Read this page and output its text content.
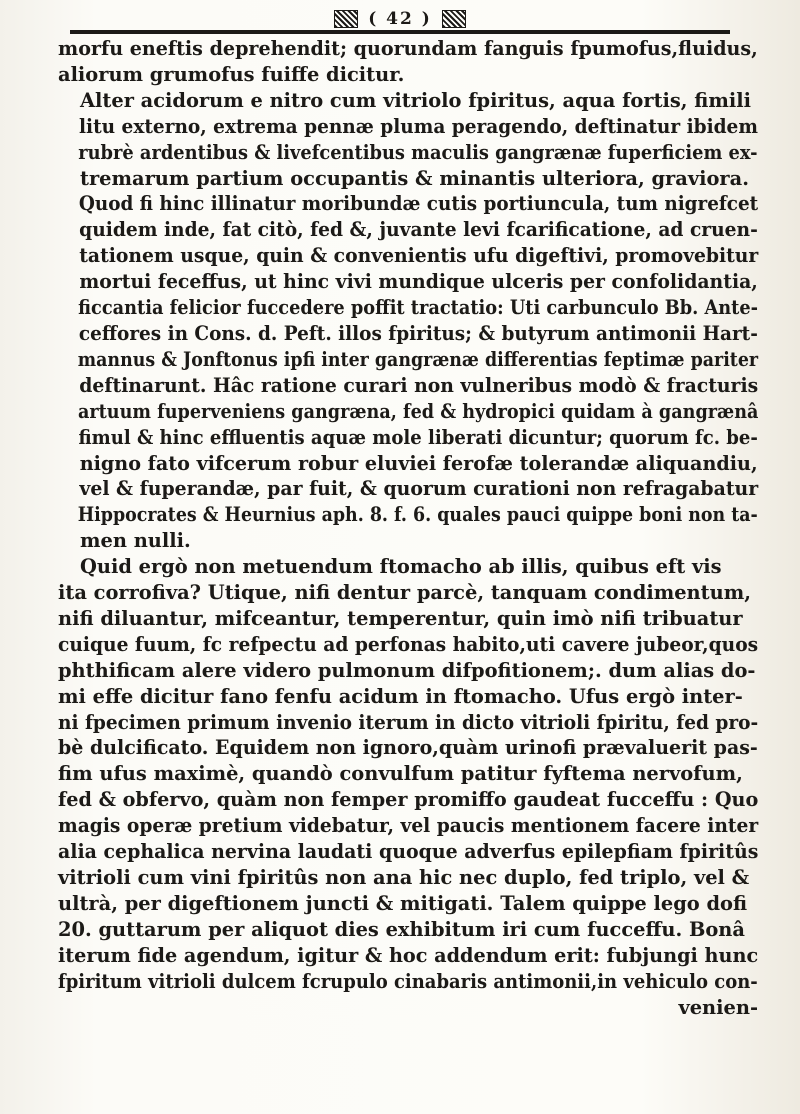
( 42 )

morfu eneftis deprehendit; quorundam fanguis fpumofus,fluidus,
aliorum grumofus fuiffe dicitur.

Alter acidorum e nitro cum vitriolo fpiritus, aqua fortis, fimili
litu externo, extrema pennæ pluma peragendo, deftinatur ibidem
rubrè ardentibus & livefcentibus maculis gangrænæ fuperficiem ex-
tremarum partium occupantis & minantis ulteriora, graviora.
Quod fi hinc illinatur moribundæ cutis portiuncula, tum nigrefcet
quidem inde, fat citò, fed &, juvante levi fcarificatione, ad cruen-
tationem usque, quin & convenientis ufu digeftivi, promovebitur
mortui feceffus, ut hinc vivi mundique ulceris per confolidantia,
ficcantia felicior fuccedere poffit tractatio: Uti carbunculo Bb. Ante-
ceffores in Cons. d. Peft. illos fpiritus; & butyrum antimonii Hart-
mannus & Jonftonus ipfi inter gangrænæ differentias feptimæ pariter
deftinarunt. Hâc ratione curari non vulneribus modò & fracturis
artuum fuperveniens gangræna, fed & hydropici quidam à gangrænâ
fimul & hinc effluentis aquæ mole liberati dicuntur; quorum fc. be-
nigno fato vifcerum robur eluviei ferofæ tolerandæ aliquandiu,
vel & fuperandæ, par fuit, & quorum curationi non refragabatur
Hippocrates & Heurnius aph. 8. f. 6. quales pauci quippe boni non ta-
men nulli.

Quid ergò non metuendum ftomacho ab illis, quibus eft vis
ita corrofiva? Utique, nifi dentur parcè, tanquam condimentum,
nifi diluantur, mifceantur, temperentur, quin imò nifi tribuatur
cuique fuum, fc refpectu ad perfonas habito,uti cavere jubeor,quos
phthificam alere videro pulmonum difpofitionem;. dum alias do-
mi effe dicitur fano fenfu acidum in ftomacho. Ufus ergò inter-
ni fpecimen primum invenio iterum in dicto vitrioli fpiritu, fed pro-
bè dulcificato. Equidem non ignoro,quàm urinofi prævaluerit pas-
fim ufus maximè, quandò convulfum patitur fyftema nervofum,
fed & obfervo, quàm non femper promiffo gaudeat fucceffu : Quo
magis operæ pretium videbatur, vel paucis mentionem facere inter
alia cephalica nervina laudati quoque adverfus epilepfiam fpiritûs
vitrioli cum vini fpiritûs non ana hic nec duplo, fed triplo, vel &
ultrà, per digeftionem juncti & mitigati. Talem quippe lego dofi
20. guttarum per aliquot dies exhibitum iri cum fucceffu. Bonâ
iterum fide agendum, igitur & hoc addendum erit: fubjungi hunc
fpiritum vitrioli dulcem fcrupulo cinabaris antimonii,in vehiculo con-
venien-
